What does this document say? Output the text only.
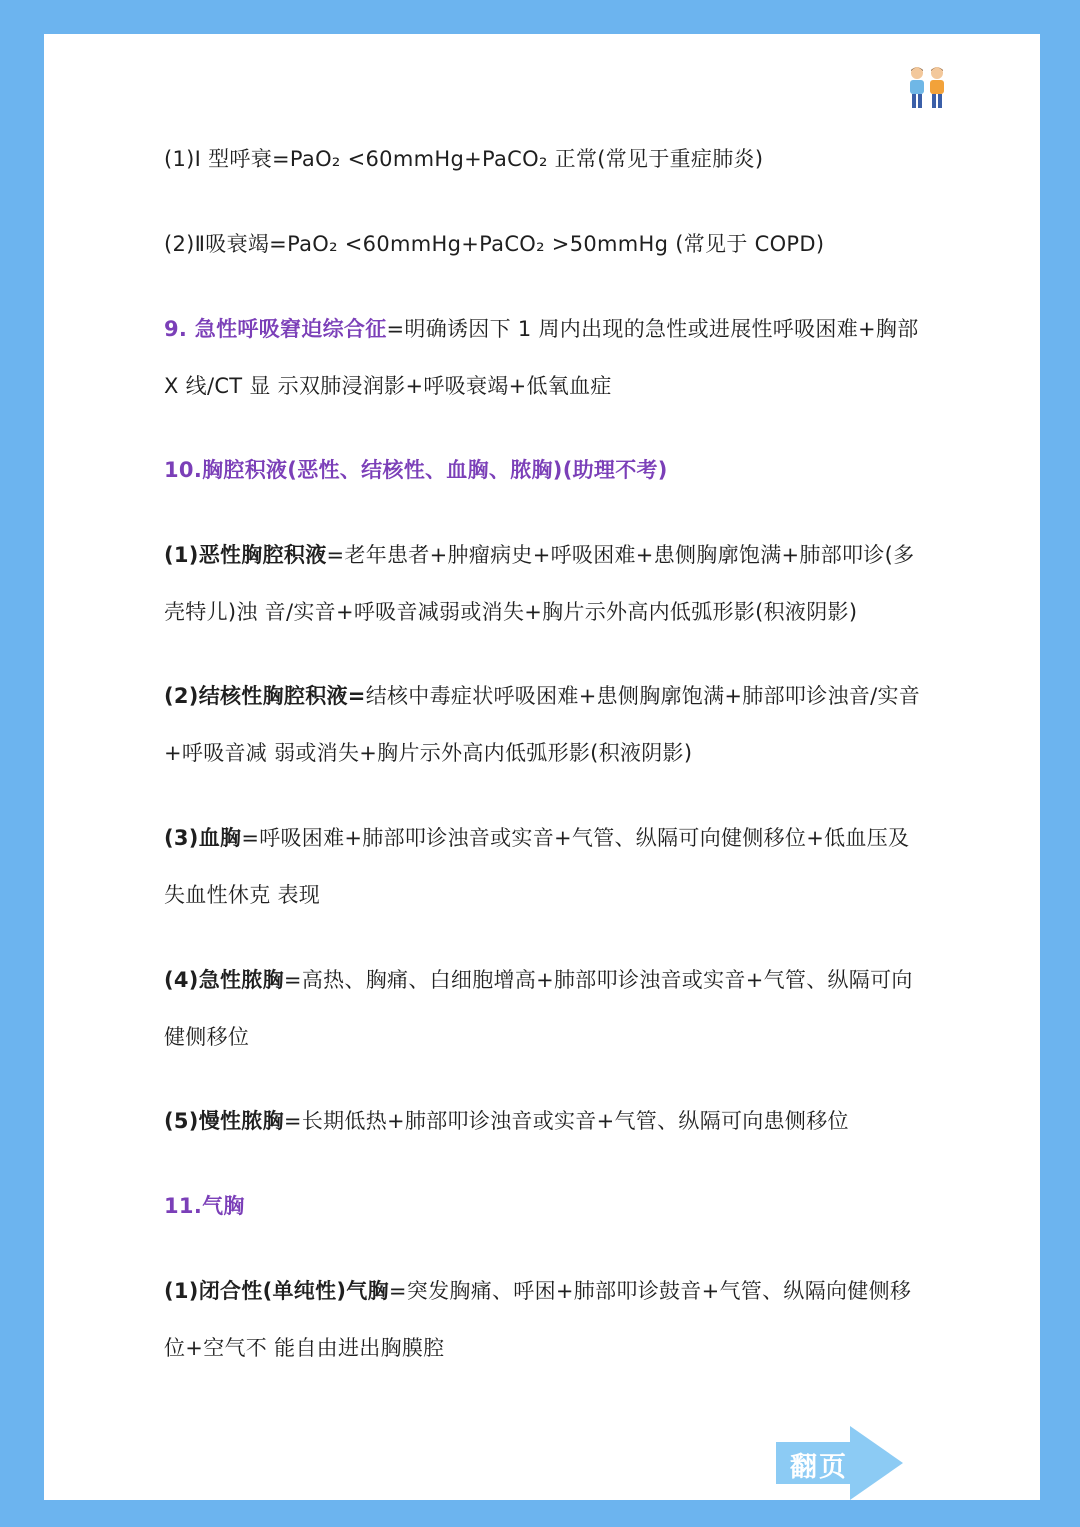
(1)Ⅰ 型呼衰=PaO₂ <60mmHg+PaCO₂ 正常(常见于重症肺炎)

(2)Ⅱ吸衰竭=PaO₂ <60mmHg+PaCO₂ >50mmHg (常见于 COPD)

9. 急性呼吸窘迫综合征=明确诱因下 1 周内出现的急性或进展性呼吸困难+胸部 X 线/CT 显 示双肺浸润影+呼吸衰竭+低氧血症

10.胸腔积液(恶性、结核性、血胸、脓胸)(助理不考)

(1)恶性胸腔积液=老年患者+肿瘤病史+呼吸困难+患侧胸廓饱满+肺部叩诊(多壳特儿)浊 音/实音+呼吸音减弱或消失+胸片示外高内低弧形影(积液阴影)

(2)结核性胸腔积液=结核中毒症状呼吸困难+患侧胸廓饱满+肺部叩诊浊音/实音+呼吸音减 弱或消失+胸片示外高内低弧形影(积液阴影)

(3)血胸=呼吸困难+肺部叩诊浊音或实音+气管、纵隔可向健侧移位+低血压及失血性休克 表现

(4)急性脓胸=高热、胸痛、白细胞增高+肺部叩诊浊音或实音+气管、纵隔可向健侧移位

(5)慢性脓胸=长期低热+肺部叩诊浊音或实音+气管、纵隔可向患侧移位

11.气胸

(1)闭合性(单纯性)气胸=突发胸痛、呼困+肺部叩诊鼓音+气管、纵隔向健侧移位+空气不 能自由进出胸膜腔

翻页
